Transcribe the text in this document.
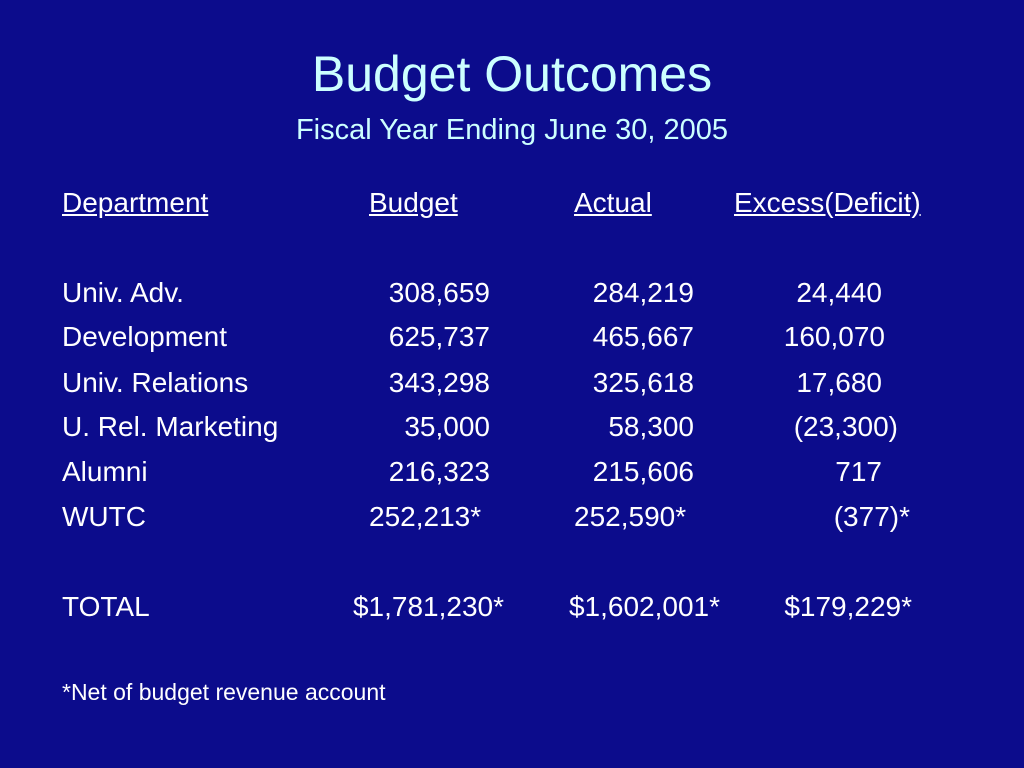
Budget Outcomes
Fiscal Year Ending June 30, 2005
Department	Budget	Actual	Excess(Deficit)
Univ. Adv.	308,659	284,219	24,440
Development	625,737	465,667	160,070
Univ. Relations	343,298	325,618	17,680
U. Rel. Marketing	35,000	58,300	(23,300)
Alumni	216,323	215,606	717
WUTC	252,213*	252,590*	(377)*
TOTAL	$1,781,230*	$1,602,001*	$179,229*
*Net of budget revenue account
